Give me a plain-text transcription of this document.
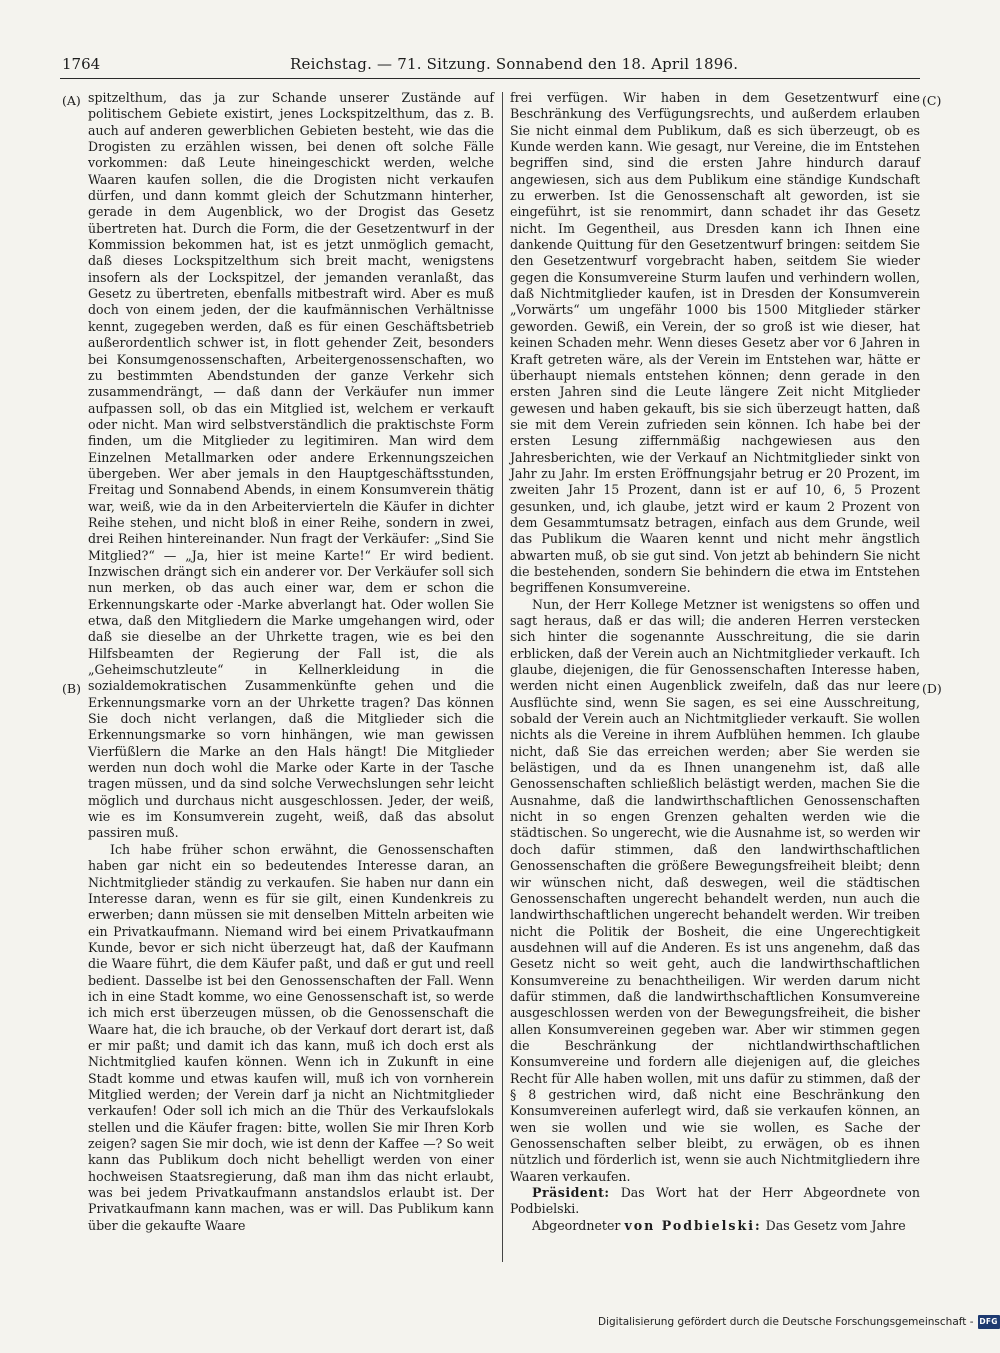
1764	Reichstag. — 71. Sitzung. Sonnabend den 18. April 1896.
(A)
(B)
(C)
(D)

spitzelthum, das ja zur Schande unserer Zustände auf politischem Gebiete existirt, jenes Lockspitzelthum, das z. B. auch auf anderen gewerblichen Gebieten besteht, wie das die Drogisten zu erzählen wissen, bei denen oft solche Fälle vorkommen: daß Leute hineingeschickt werden, welche Waaren kaufen sollen, die die Drogisten nicht verkaufen dürfen, und dann kommt gleich der Schutzmann hinterher, gerade in dem Augenblick, wo der Drogist das Gesetz übertreten hat. Durch die Form, die der Gesetzentwurf in der Kommission bekommen hat, ist es jetzt unmöglich gemacht, daß dieses Lockspitzelthum sich breit macht, wenigstens insofern als der Lockspitzel, der jemanden veranlaßt, das Gesetz zu übertreten, ebenfalls mitbestraft wird. Aber es muß doch von einem jeden, der die kaufmännischen Verhältnisse kennt, zugegeben werden, daß es für einen Geschäftsbetrieb außerordentlich schwer ist, in flott gehender Zeit, besonders bei Konsumgenossenschaften, Arbeitergenossenschaften, wo zu bestimmten Abendstunden der ganze Verkehr sich zusammendrängt, — daß dann der Verkäufer nun immer aufpassen soll, ob das ein Mitglied ist, welchem er verkauft oder nicht. Man wird selbstverständlich die praktischste Form finden, um die Mitglieder zu legitimiren. Man wird dem Einzelnen Metallmarken oder andere Erkennungszeichen übergeben. Wer aber jemals in den Hauptgeschäftsstunden, Freitag und Sonnabend Abends, in einem Konsumverein thätig war, weiß, wie da in den Arbeitervierteln die Käufer in dichter Reihe stehen, und nicht bloß in einer Reihe, sondern in zwei, drei Reihen hintereinander. Nun fragt der Verkäufer: „Sind Sie Mitglied?“ — „Ja, hier ist meine Karte!“ Er wird bedient. Inzwischen drängt sich ein anderer vor. Der Verkäufer soll sich nun merken, ob das auch einer war, dem er schon die Erkennungskarte oder -Marke abverlangt hat. Oder wollen Sie etwa, daß den Mitgliedern die Marke umgehangen wird, oder daß sie dieselbe an der Uhrkette tragen, wie es bei den Hilfsbeamten der Regierung der Fall ist, die als „Geheimschutzleute“ in Kellnerkleidung in die sozialdemokratischen Zusammenkünfte gehen und die Erkennungsmarke vorn an der Uhrkette tragen? Das können Sie doch nicht verlangen, daß die Mitglieder sich die Erkennungsmarke so vorn hinhängen, wie man gewissen Vierfüßlern die Marke an den Hals hängt! Die Mitglieder werden nun doch wohl die Marke oder Karte in der Tasche tragen müssen, und da sind solche Verwechslungen sehr leicht möglich und durchaus nicht ausgeschlossen. Jeder, der weiß, wie es im Konsumverein zugeht, weiß, daß das absolut passiren muß.

Ich habe früher schon erwähnt, die Genossenschaften haben gar nicht ein so bedeutendes Interesse daran, an Nichtmitglieder ständig zu verkaufen. Sie haben nur dann ein Interesse daran, wenn es für sie gilt, einen Kundenkreis zu erwerben; dann müssen sie mit denselben Mitteln arbeiten wie ein Privatkaufmann. Niemand wird bei einem Privatkaufmann Kunde, bevor er sich nicht überzeugt hat, daß der Kaufmann die Waare führt, die dem Käufer paßt, und daß er gut und reell bedient. Dasselbe ist bei den Genossenschaften der Fall. Wenn ich in eine Stadt komme, wo eine Genossenschaft ist, so werde ich mich erst überzeugen müssen, ob die Genossenschaft die Waare hat, die ich brauche, ob der Verkauf dort derart ist, daß er mir paßt; und damit ich das kann, muß ich doch erst als Nichtmitglied kaufen können. Wenn ich in Zukunft in eine Stadt komme und etwas kaufen will, muß ich von vornherein Mitglied werden; der Verein darf ja nicht an Nichtmitglieder verkaufen! Oder soll ich mich an die Thür des Verkaufslokals stellen und die Käufer fragen: bitte, wollen Sie mir Ihren Korb zeigen? sagen Sie mir doch, wie ist denn der Kaffee —? So weit kann das Publikum doch nicht behelligt werden von einer hochweisen Staatsregierung, daß man ihm das nicht erlaubt, was bei jedem Privatkaufmann anstandslos erlaubt ist. Der Privatkaufmann kann machen, was er will. Das Publikum kann über die gekaufte Waare

frei verfügen. Wir haben in dem Gesetzentwurf eine Beschränkung des Verfügungsrechts, und außerdem erlauben Sie nicht einmal dem Publikum, daß es sich überzeugt, ob es Kunde werden kann. Wie gesagt, nur Vereine, die im Entstehen begriffen sind, sind die ersten Jahre hindurch darauf angewiesen, sich aus dem Publikum eine ständige Kundschaft zu erwerben. Ist die Genossenschaft alt geworden, ist sie eingeführt, ist sie renommirt, dann schadet ihr das Gesetz nicht. Im Gegentheil, aus Dresden kann ich Ihnen eine dankende Quittung für den Gesetzentwurf bringen: seitdem Sie den Gesetzentwurf vorgebracht haben, seitdem Sie wieder gegen die Konsumvereine Sturm laufen und verhindern wollen, daß Nichtmitglieder kaufen, ist in Dresden der Konsumverein „Vorwärts“ um ungefähr 1000 bis 1500 Mitglieder stärker geworden. Gewiß, ein Verein, der so groß ist wie dieser, hat keinen Schaden mehr. Wenn dieses Gesetz aber vor 6 Jahren in Kraft getreten wäre, als der Verein im Entstehen war, hätte er überhaupt niemals entstehen können; denn gerade in den ersten Jahren sind die Leute längere Zeit nicht Mitglieder gewesen und haben gekauft, bis sie sich überzeugt hatten, daß sie mit dem Verein zufrieden sein können. Ich habe bei der ersten Lesung ziffernmäßig nachgewiesen aus den Jahresberichten, wie der Verkauf an Nichtmitglieder sinkt von Jahr zu Jahr. Im ersten Eröffnungsjahr betrug er 20 Prozent, im zweiten Jahr 15 Prozent, dann ist er auf 10, 6, 5 Prozent gesunken, und, ich glaube, jetzt wird er kaum 2 Prozent von dem Gesammtumsatz betragen, einfach aus dem Grunde, weil das Publikum die Waaren kennt und nicht mehr ängstlich abwarten muß, ob sie gut sind. Von jetzt ab behindern Sie nicht die bestehenden, sondern Sie behindern die etwa im Entstehen begriffenen Konsumvereine.

Nun, der Herr Kollege Metzner ist wenigstens so offen und sagt heraus, daß er das will; die anderen Herren verstecken sich hinter die sogenannte Ausschreitung, die sie darin erblicken, daß der Verein auch an Nichtmitglieder verkauft. Ich glaube, diejenigen, die für Genossenschaften Interesse haben, werden nicht einen Augenblick zweifeln, daß das nur leere Ausflüchte sind, wenn Sie sagen, es sei eine Ausschreitung, sobald der Verein auch an Nichtmitglieder verkauft. Sie wollen nichts als die Vereine in ihrem Aufblühen hemmen. Ich glaube nicht, daß Sie das erreichen werden; aber Sie werden sie belästigen, und da es Ihnen unangenehm ist, daß alle Genossenschaften schließlich belästigt werden, machen Sie die Ausnahme, daß die landwirthschaftlichen Genossenschaften nicht in so engen Grenzen gehalten werden wie die städtischen. So ungerecht, wie die Ausnahme ist, so werden wir doch dafür stimmen, daß den landwirthschaftlichen Genossenschaften die größere Bewegungsfreiheit bleibt; denn wir wünschen nicht, daß deswegen, weil die städtischen Genossenschaften ungerecht behandelt werden, nun auch die landwirthschaftlichen ungerecht behandelt werden. Wir treiben nicht die Politik der Bosheit, die eine Ungerechtigkeit ausdehnen will auf die Anderen. Es ist uns angenehm, daß das Gesetz nicht so weit geht, auch die landwirthschaftlichen Konsumvereine zu benachtheiligen. Wir werden darum nicht dafür stimmen, daß die landwirthschaftlichen Konsumvereine ausgeschlossen werden von der Bewegungsfreiheit, die bisher allen Konsumvereinen gegeben war. Aber wir stimmen gegen die Beschränkung der nichtlandwirthschaftlichen Konsumvereine und fordern alle diejenigen auf, die gleiches Recht für Alle haben wollen, mit uns dafür zu stimmen, daß der § 8 gestrichen wird, daß nicht eine Beschränkung den Konsumvereinen auferlegt wird, daß sie verkaufen können, an wen sie wollen und wie sie wollen, es Sache der Genossenschaften selber bleibt, zu erwägen, ob es ihnen nützlich und förderlich ist, wenn sie auch Nichtmitgliedern ihre Waaren verkaufen.

Präsident: Das Wort hat der Herr Abgeordnete von Podbielski.

Abgeordneter von Podbielski: Das Gesetz vom Jahre

Digitalisierung gefördert durch die Deutsche Forschungsgemeinschaft - DFG
